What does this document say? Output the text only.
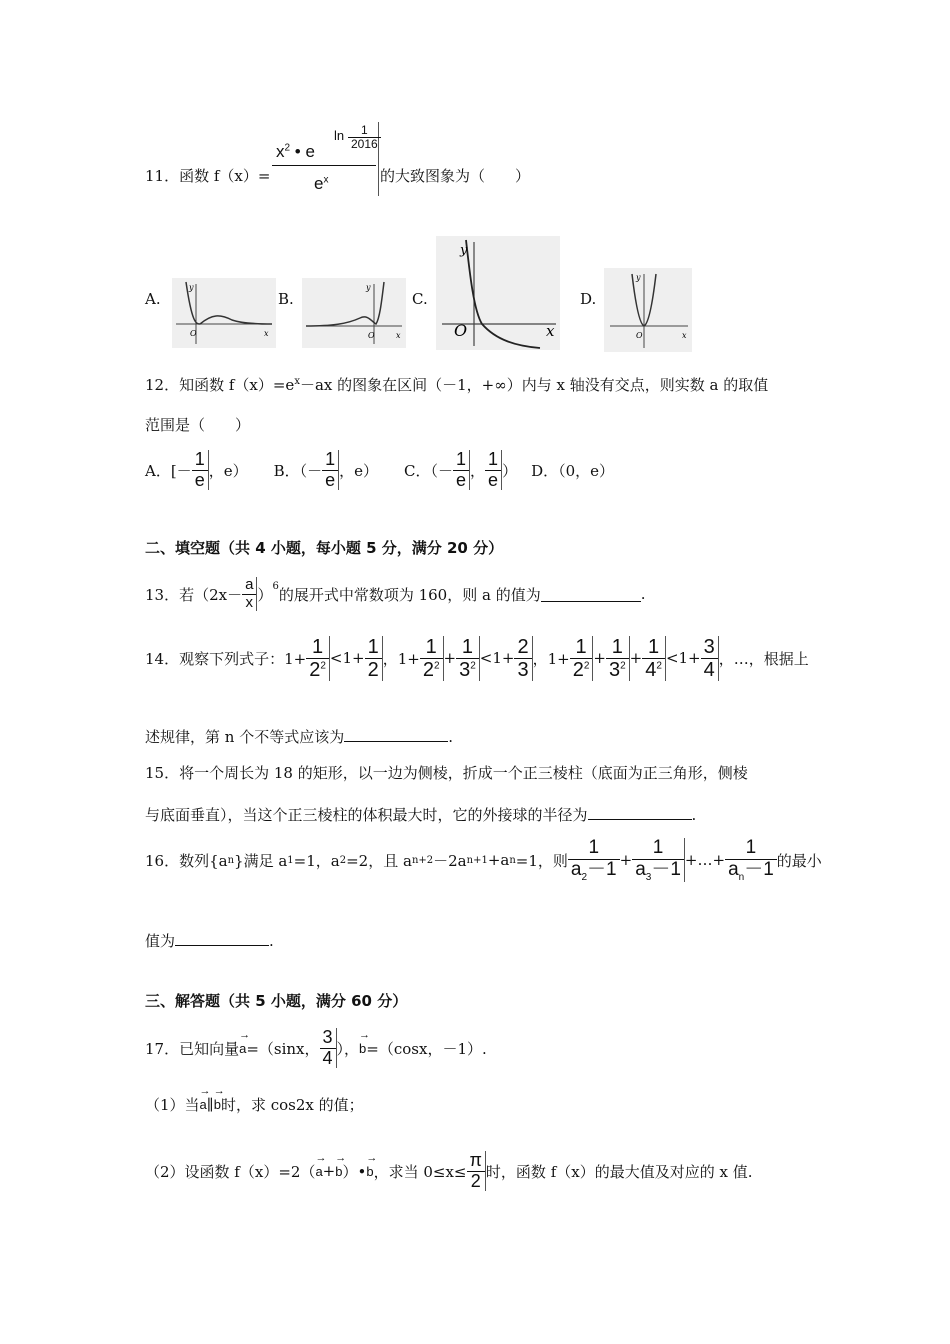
11．函数 f（x）=
$x^2$ • e
ln	1
2016
$e^x$	的大致图象为（　　）
A.	B.	C.	D.
y
O	x
y
O	x
y
O	x
y
O	x
12．知函数 $f(x)=e^x-ax$ 的图象在区间（－1，+∞）内与 x 轴没有交点，则实数 a 的取值
范围是（　　）
A．[－
1
e ，e） B．（－
1
e ，e） C．（－
1
e ，
1
e ） D．（0，e）
二、填空题（共 4 小题，每小题 5 分，满分 20 分）
13．若（2x－
a
x ）$^6$ 的展开式中常数项为 160，则 a 的值为	.
14．观察下列式子：$1+ \frac{1}{2^2} <1+ \frac{1}{2}$ ，$1+ \frac{1}{2^2} + \frac{1}{3^2} <1+ \frac{2}{3}$ ，$1+ \frac{1}{2^2} + \frac{1}{3^2} + \frac{1}{4^2} <1+ \frac{3}{4}$ ，…，根据上
述规律，第 n 个不等式应该为	.
15．将一个周长为 18 的矩形，以一边为侧棱，折成一个正三棱柱（底面为正三角形，侧棱
与底面垂直），当这个正三棱柱的体积最大时，它的外接球的半径为	.
16．数列{a n }满足 a 1 =1，a 2 =2，且 a n+2 －2a n+1 +a n =1，则
1
$a_2-1 + \frac{1}{a_3-1}$ +…+ $\frac{1}{a_n-1}$ 的最小
值为	.
三、解答题（共 5 小题，满分 60 分）
17．已知向量
→
a =（sinx，
3
4 ），
→
b =（cosx，－1）.
（1）当
→
a ∥
→
b 时，求 cos2x 的值；
（2）设函数 f（x）=2（
→
a +
→
b ）•
→
b ，求当 $0\le x\le \frac{\pi}{2}$ 时，函数 f（x）的最大值及对应的 x 值.
